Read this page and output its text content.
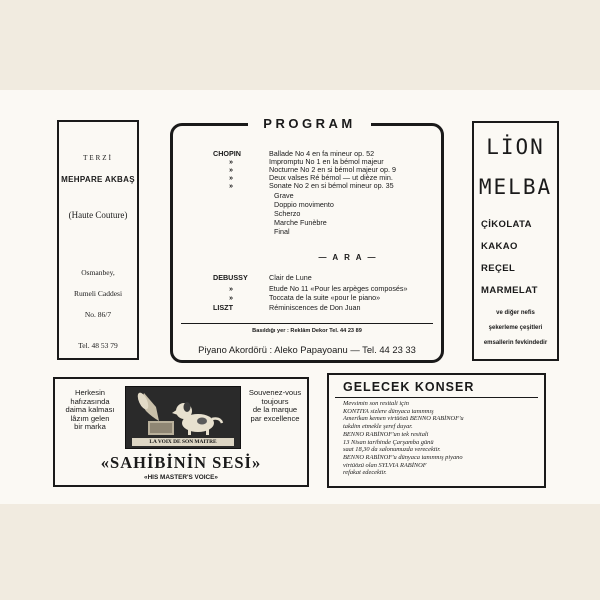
TERZİ
MEHPARE AKBAŞ
(Haute Couture)
Osmanbey,
Rumeli Caddesi
No. 86/7
Tel. 48 53 79
PROGRAM
CHOPIN	Ballade No 4 en fa mineur op. 52
»	Impromptu No 1 en la bémol majeur
»	Nocturne No 2 en si bémol majeur op. 9
»	Deux valses Ré bémol — ut dièze min.
»	Sonate No 2 en si bémol mineur op. 35
Grave
Doppio movimento
Scherzo
Marche Funèbre
Final
— A R A —
DEBUSSY	Clair de Lune
»	Etude No 11 «Pour les arpèges composés»
»	Toccata de la suite «pour le piano»
LISZT	Réminiscences de Don Juan
Basıldığı yer : Reklâm Dekor Tel. 44 23 89
Piyano Akordörü : Aleko Papayoanu — Tel. 44 23 33
LİON
MELBA
ÇİKOLATA
KAKAO
REÇEL
MARMELAT
ve diğer nefis
şekerleme çeşitleri
emsallerin fevkindedir
Herkesin
hafızasında
daima kalması
lâzım gelen
bir marka
LA VOIX DE SON MAITRE
Souvenez-vous
toujours
de la marque
par excellence
«SAHİBİNİN SESİ»
«HIS MASTER'S VOICE»
GELECEK KONSER
Mevsimin son resitali için
KONTIYA sizlere dünyaca tanınmış
Amerikan kemen virtüözü BENNO RABİNOF'u
takdim etmekle şeref duyar.
BENNO RABİNOF'un tek resitali
13 Nisan tarihinde Çarşamba günü
saat 18,30 da salonumuzda verecektir.
BENNO RABİNOF'u dünyaca tanınmış piyano
virtüözü olan SYLVIA RABİNOF
refakat edecektir.
